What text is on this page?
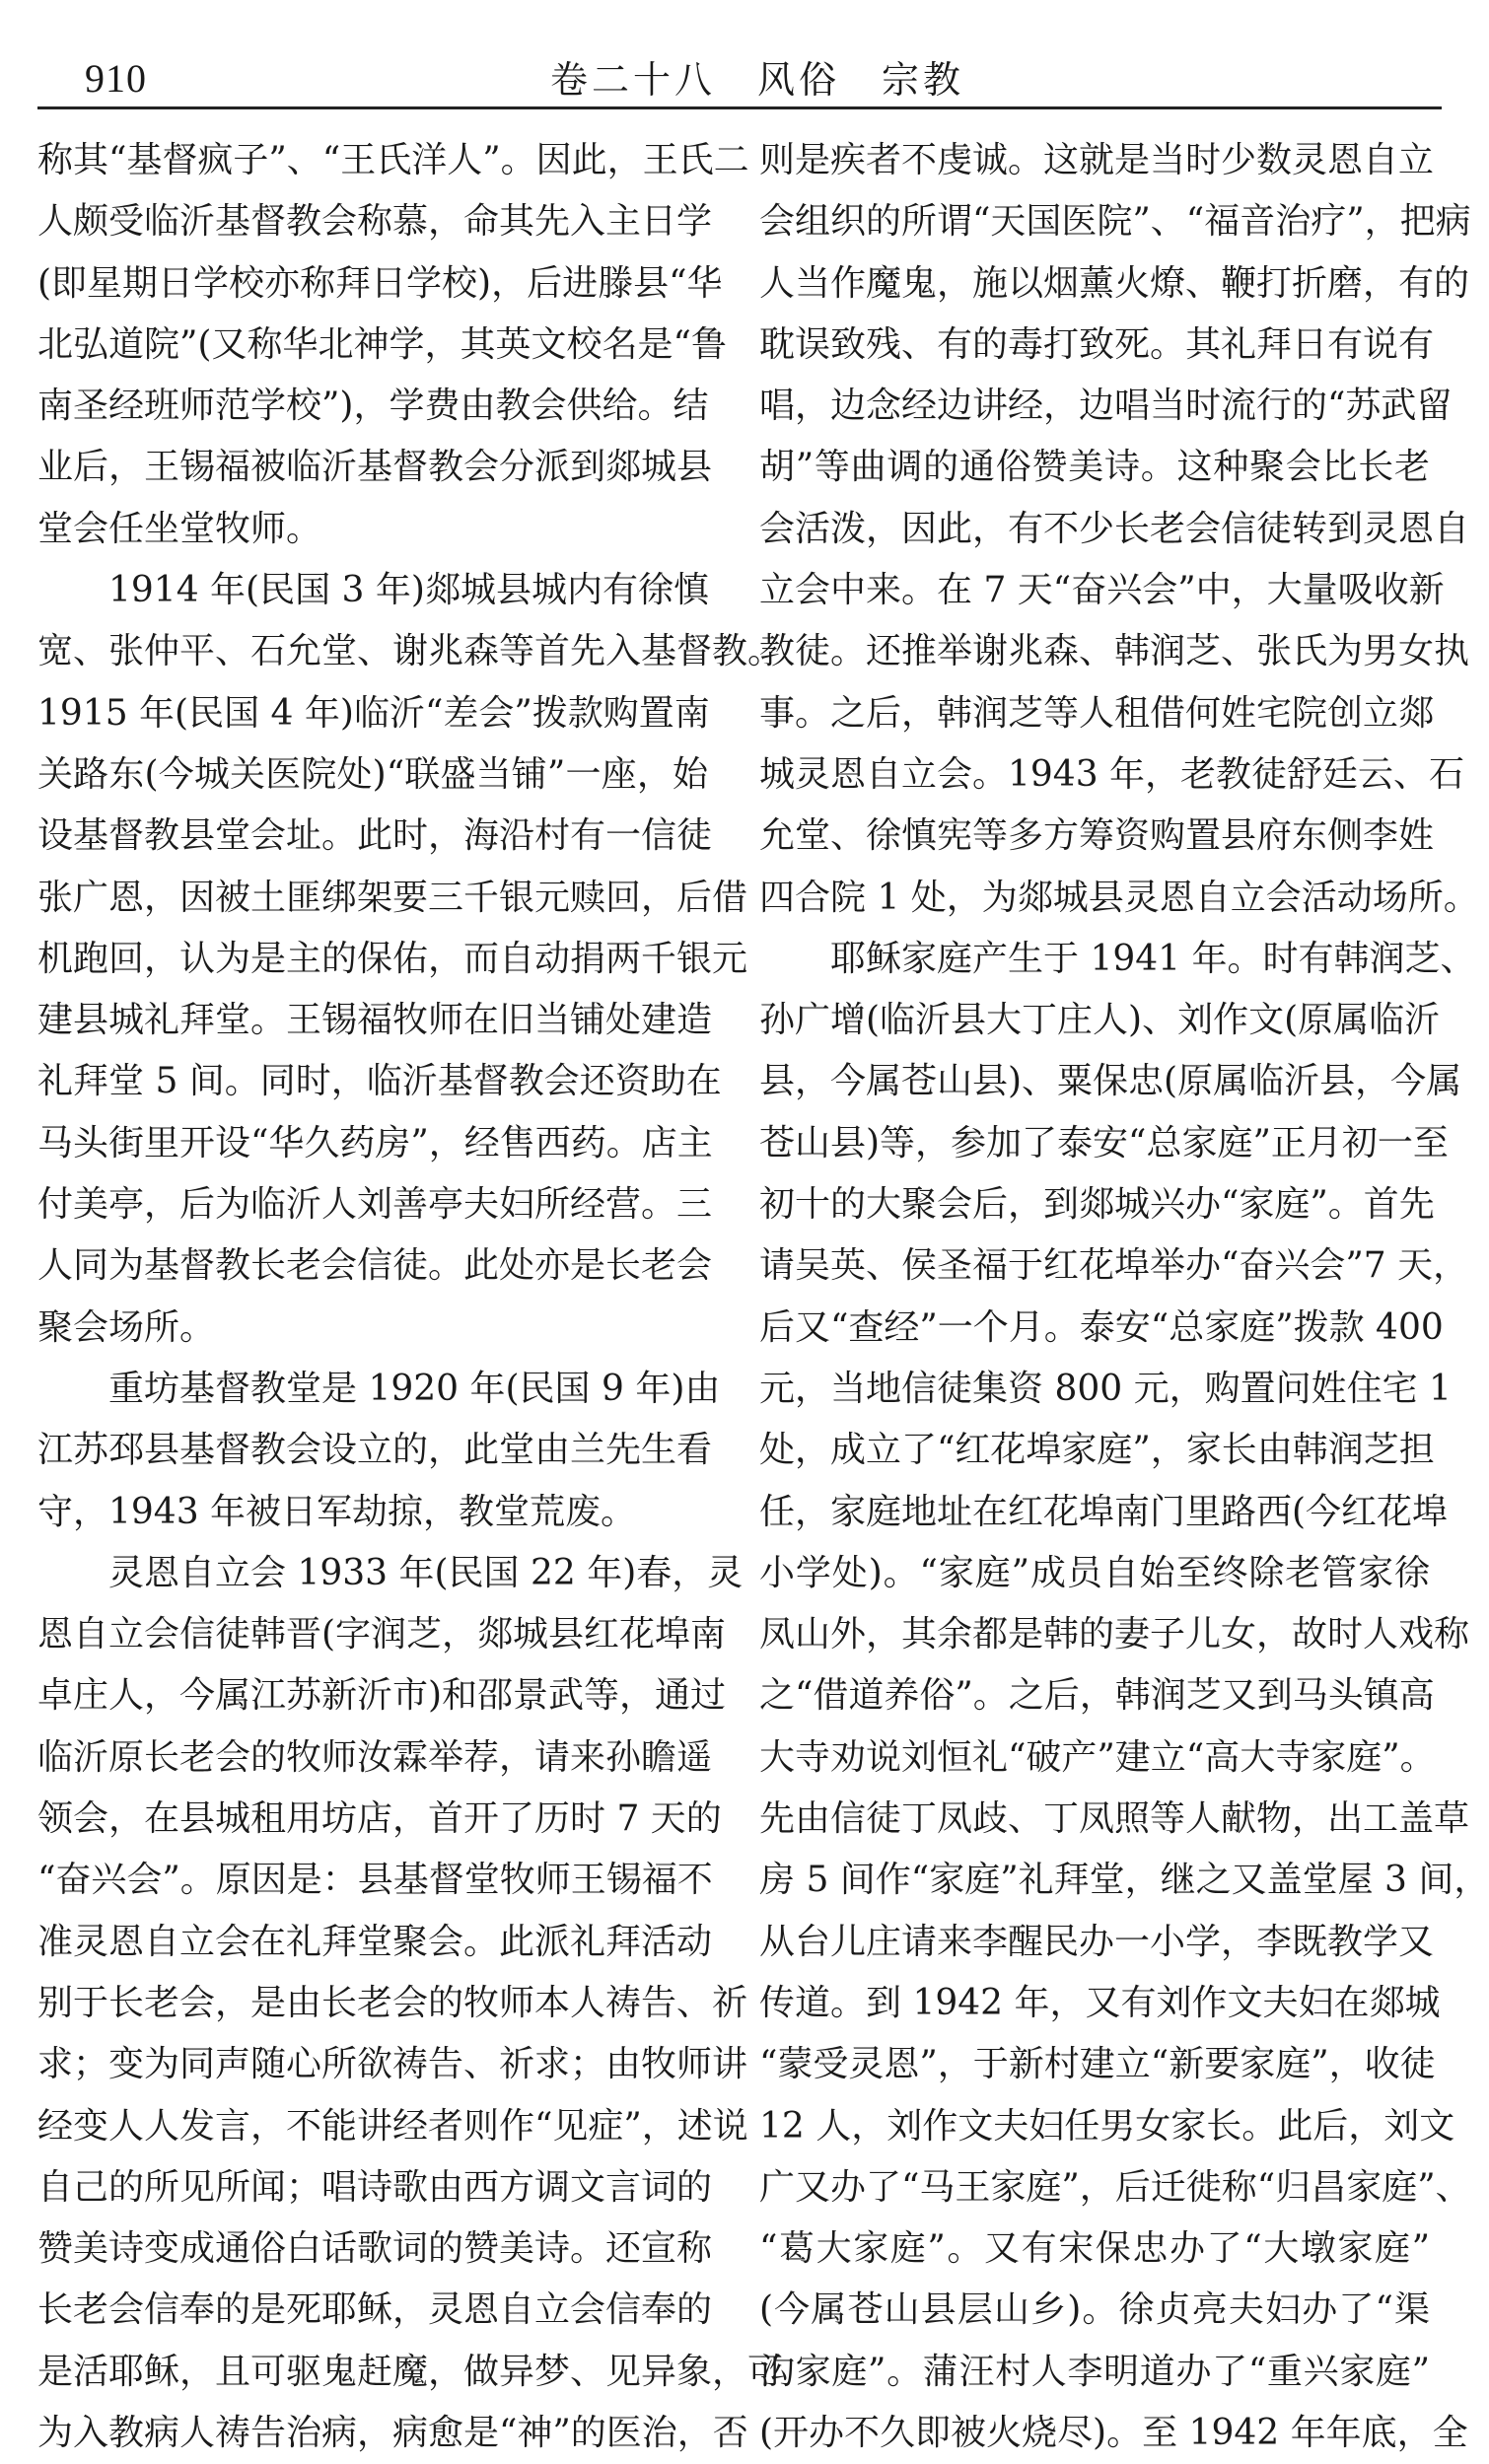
910	卷二十八　风俗　宗教
称其“基督疯子”、“王氏洋人”。因此，王氏二
人颇受临沂基督教会称慕，命其先入主日学
(即星期日学校亦称拜日学校)，后进滕县“华
北弘道院”(又称华北神学，其英文校名是“鲁
南圣经班师范学校”)，学费由教会供给。结
业后，王锡福被临沂基督教会分派到郯城县
堂会任坐堂牧师。
1914 年(民国 3 年)郯城县城内有徐慎
宽、张仲平、石允堂、谢兆森等首先入基督教。
1915 年(民国 4 年)临沂“差会”拨款购置南
关路东(今城关医院处)“联盛当铺”一座，始
设基督教县堂会址。此时，海沿村有一信徒
张广恩，因被土匪绑架要三千银元赎回，后借
机跑回，认为是主的保佑，而自动捐两千银元
建县城礼拜堂。王锡福牧师在旧当铺处建造
礼拜堂 5 间。同时，临沂基督教会还资助在
马头街里开设“华久药房”，经售西药。店主
付美亭，后为临沂人刘善亭夫妇所经营。三
人同为基督教长老会信徒。此处亦是长老会
聚会场所。
重坊基督教堂是 1920 年(民国 9 年)由
江苏邳县基督教会设立的，此堂由兰先生看
守，1943 年被日军劫掠，教堂荒废。
灵恩自立会 1933 年(民国 22 年)春，灵
恩自立会信徒韩晋(字润芝，郯城县红花埠南
卓庄人，今属江苏新沂市)和邵景武等，通过
临沂原长老会的牧师汝霖举荐，请来孙瞻遥
领会，在县城租用坊店，首开了历时 7 天的
“奋兴会”。原因是：县基督堂牧师王锡福不
准灵恩自立会在礼拜堂聚会。此派礼拜活动
别于长老会，是由长老会的牧师本人祷告、祈
求；变为同声随心所欲祷告、祈求；由牧师讲
经变人人发言，不能讲经者则作“见症”，述说
自己的所见所闻；唱诗歌由西方调文言词的
赞美诗变成通俗白话歌词的赞美诗。还宣称
长老会信奉的是死耶稣，灵恩自立会信奉的
是活耶稣，且可驱鬼赶魔，做异梦、见异象，可
为入教病人祷告治病，病愈是“神”的医治，否
则是疾者不虔诚。这就是当时少数灵恩自立
会组织的所谓“天国医院”、“福音治疗”，把病
人当作魔鬼，施以烟薰火燎、鞭打折磨，有的
耽误致残、有的毒打致死。其礼拜日有说有
唱，边念经边讲经，边唱当时流行的“苏武留
胡”等曲调的通俗赞美诗。这种聚会比长老
会活泼，因此，有不少长老会信徒转到灵恩自
立会中来。在 7 天“奋兴会”中，大量吸收新
教徒。还推举谢兆森、韩润芝、张氏为男女执
事。之后，韩润芝等人租借何姓宅院创立郯
城灵恩自立会。1943 年，老教徒舒廷云、石
允堂、徐慎宪等多方筹资购置县府东侧李姓
四合院 1 处，为郯城县灵恩自立会活动场所。
耶稣家庭产生于 1941 年。时有韩润芝、
孙广增(临沂县大丁庄人)、刘作文(原属临沂
县，今属苍山县)、粟保忠(原属临沂县，今属
苍山县)等，参加了泰安“总家庭”正月初一至
初十的大聚会后，到郯城兴办“家庭”。首先
请吴英、侯圣福于红花埠举办“奋兴会”7 天，
后又“查经”一个月。泰安“总家庭”拨款 400
元，当地信徒集资 800 元，购置问姓住宅 1
处，成立了“红花埠家庭”，家长由韩润芝担
任，家庭地址在红花埠南门里路西(今红花埠
小学处)。“家庭”成员自始至终除老管家徐
凤山外，其余都是韩的妻子儿女，故时人戏称
之“借道养俗”。之后，韩润芝又到马头镇高
大寺劝说刘恒礼“破产”建立“高大寺家庭”。
先由信徒丁凤歧、丁凤照等人献物，出工盖草
房 5 间作“家庭”礼拜堂，继之又盖堂屋 3 间，
从台儿庄请来李醒民办一小学，李既教学又
传道。到 1942 年，又有刘作文夫妇在郯城
“蒙受灵恩”，于新村建立“新要家庭”，收徒
12 人，刘作文夫妇任男女家长。此后，刘文
广又办了“马王家庭”，后迁徙称“归昌家庭”、
“葛大家庭”。又有宋保忠办了“大墩家庭”
(今属苍山县层山乡)。徐贞亮夫妇办了“渠
沟家庭”。蒲汪村人李明道办了“重兴家庭”
(开办不久即被火烧尽)。至 1942 年年底，全
